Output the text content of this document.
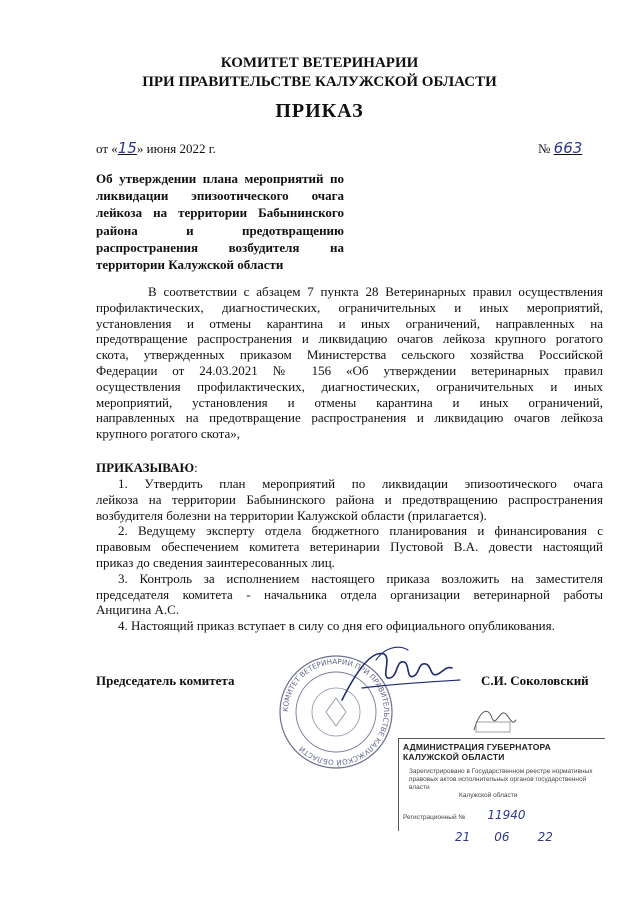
КОМИТЕТ ВЕТЕРИНАРИИ
ПРИ ПРАВИТЕЛЬСТВЕ КАЛУЖСКОЙ ОБЛАСТИ
ПРИКАЗ
от «15» июня 2022 г.	№ 663
Об утверждении плана мероприятий по
ликвидации эпизоотического очага
лейкоза на территории Бабынинского
района и предотвращению
распространения возбудителя на
территории Калужской области
В соответствии с абзацем 7 пункта 28 Ветеринарных правил осуществления
профилактических, диагностических, ограничительных и иных мероприятий,
установления и отмены карантина и иных ограничений, направленных на
предотвращение распространения и ликвидацию очагов лейкоза крупного рогатого
скота, утвержденных приказом Министерства сельского хозяйства Российской
Федерации от 24.03.2021 № 156 «Об утверждении ветеринарных правил
осуществления профилактических, диагностических, ограничительных и иных
мероприятий, установления и отмены карантина и иных ограничений,
направленных на предотвращение распространения и ликвидацию очагов лейкоза
крупного рогатого скота»,
ПРИКАЗЫВАЮ:
1. Утвердить план мероприятий по ликвидации эпизоотического очага
лейкоза на территории Бабынинского района и предотвращению распространения
возбудителя болезни на территории Калужской области (прилагается).
2. Ведущему эксперту отдела бюджетного планирования и финансирования с
правовым обеспечением комитета ветеринарии Пустовой В.А. довести настоящий
приказ до сведения заинтересованных лиц.
3. Контроль за исполнением настоящего приказа возложить на заместителя
председателя комитета - начальника отдела организации ветеринарной работы
Анцигина А.С.
4. Настоящий приказ вступает в силу со дня его официального опубликования.
КОМИТЕТ ВЕТЕРИНАРИИ ПРИ ПРАВИТЕЛЬСТВЕ КАЛУЖСКОЙ ОБЛАСТИ
Председатель комитета	С.И. Соколовский
АДМИНИСТРАЦИЯ ГУБЕРНАТОРА КАЛУЖСКОЙ ОБЛАСТИ
Зарегистрировано в Государственном реестре нормативных
правовых актов исполнительных органов государственной власти
Калужской области
Регистрационный № 11940
21 06 22
